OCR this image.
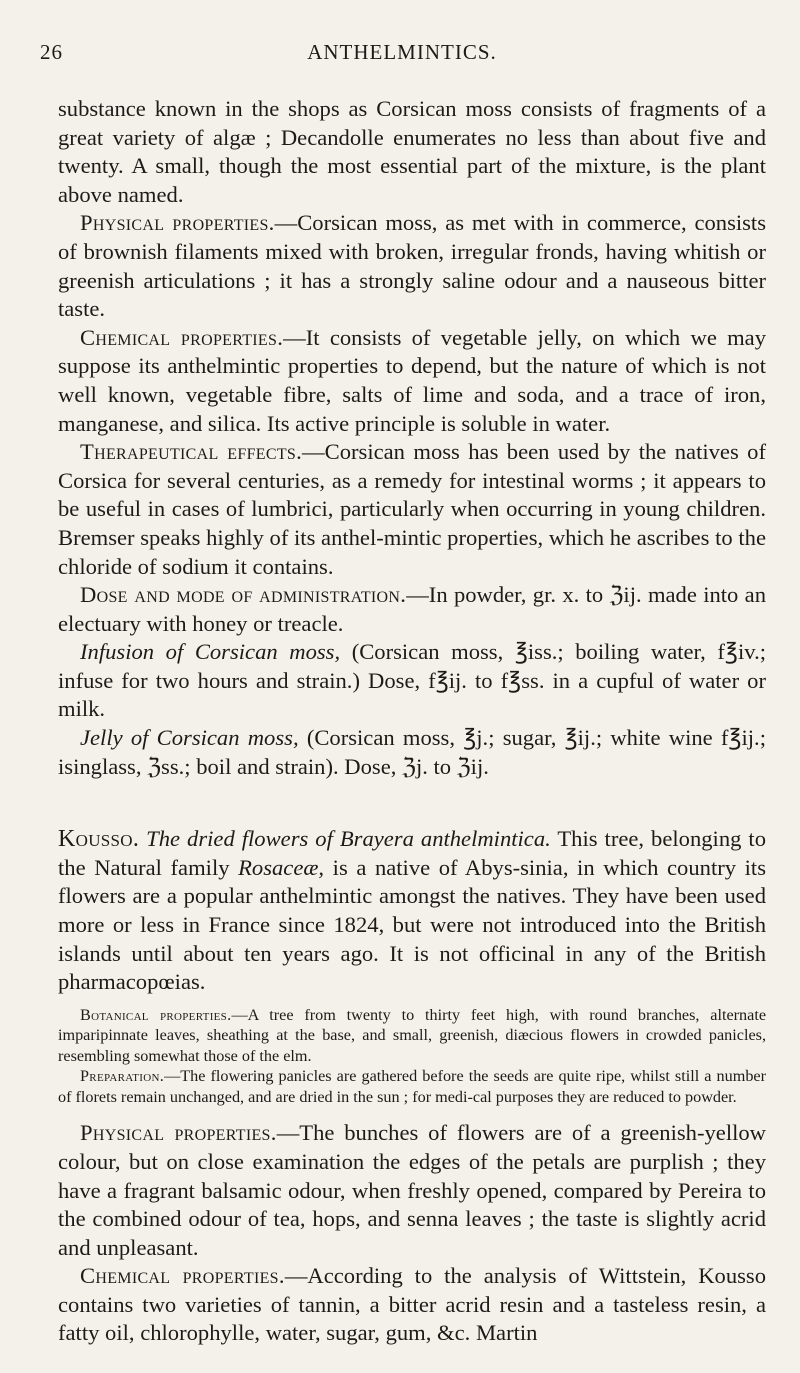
26	ANTHELMINTICS.

substance known in the shops as Corsican moss consists of fragments of a great variety of algæ ; Decandolle enumerates no less than about five and twenty. A small, though the most essential part of the mixture, is the plant above named.

Physical properties.—Corsican moss, as met with in commerce, consists of brownish filaments mixed with broken, irregular fronds, having whitish or greenish articulations ; it has a strongly saline odour and a nauseous bitter taste.

Chemical properties.—It consists of vegetable jelly, on which we may suppose its anthelmintic properties to depend, but the nature of which is not well known, vegetable fibre, salts of lime and soda, and a trace of iron, manganese, and silica. Its active principle is soluble in water.

Therapeutical effects.—Corsican moss has been used by the natives of Corsica for several centuries, as a remedy for intestinal worms ; it appears to be useful in cases of lumbrici, particularly when occurring in young children. Bremser speaks highly of its anthel-mintic properties, which he ascribes to the chloride of sodium it contains.

Dose and mode of administration.—In powder, gr. x. to ℨij. made into an electuary with honey or treacle.

Infusion of Corsican moss, (Corsican moss, ℥iss.; boiling water, f℥iv.; infuse for two hours and strain.) Dose, f℥ij. to f℥ss. in a cupful of water or milk.

Jelly of Corsican moss, (Corsican moss, ℥j.; sugar, ℥ij.; white wine f℥ij.; isinglass, ℨss.; boil and strain). Dose, ℨj. to ℨij.

Kousso. The dried flowers of Brayera anthelmintica. This tree, belonging to the Natural family Rosaceæ, is a native of Abys-sinia, in which country its flowers are a popular anthelmintic amongst the natives. They have been used more or less in France since 1824, but were not introduced into the British islands until about ten years ago. It is not officinal in any of the British pharmacopœias.

Botanical properties.—A tree from twenty to thirty feet high, with round branches, alternate imparipinnate leaves, sheathing at the base, and small, greenish, diæcious flowers in crowded panicles, resembling somewhat those of the elm.

Preparation.—The flowering panicles are gathered before the seeds are quite ripe, whilst still a number of florets remain unchanged, and are dried in the sun ; for medi-cal purposes they are reduced to powder.

Physical properties.—The bunches of flowers are of a greenish-yellow colour, but on close examination the edges of the petals are purplish ; they have a fragrant balsamic odour, when freshly opened, compared by Pereira to the combined odour of tea, hops, and senna leaves ; the taste is slightly acrid and unpleasant.

Chemical properties.—According to the analysis of Wittstein, Kousso contains two varieties of tannin, a bitter acrid resin and a tasteless resin, a fatty oil, chlorophylle, water, sugar, gum, &c. Martin
